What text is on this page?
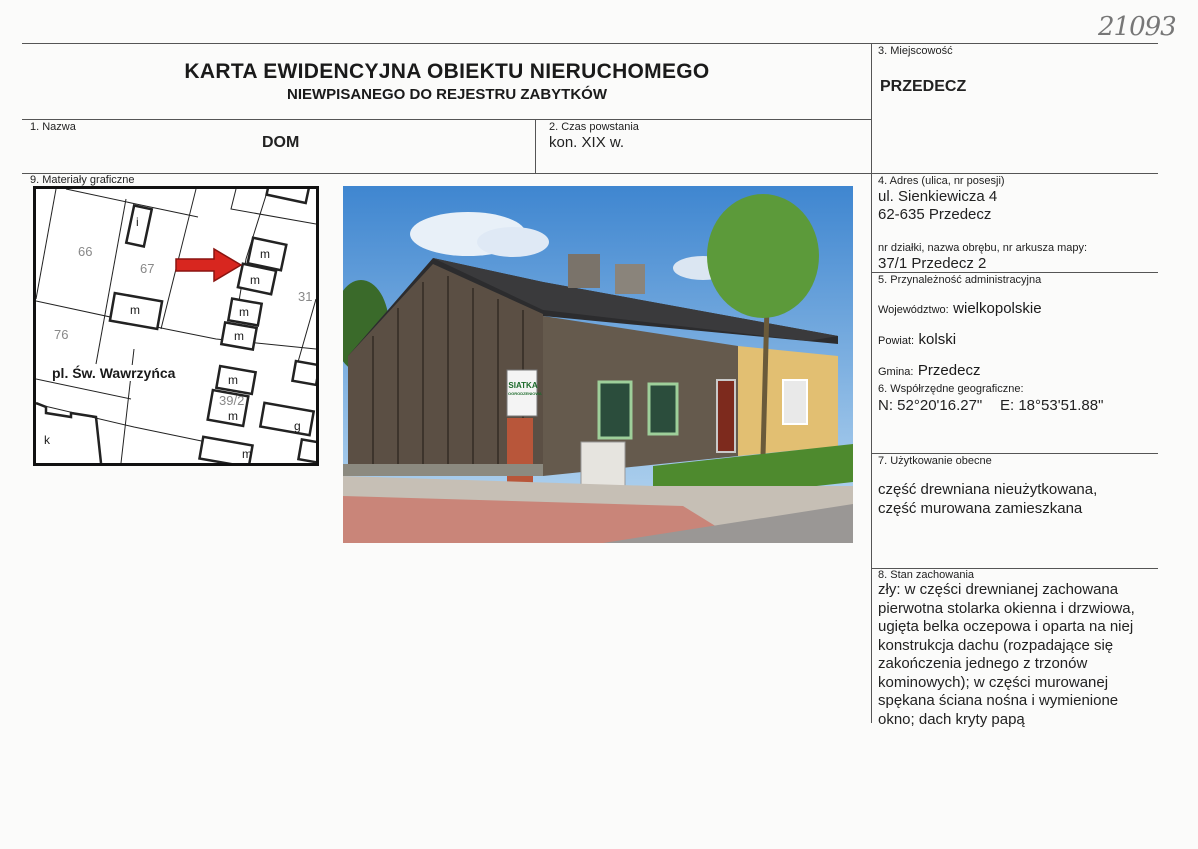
21093
KARTA EWIDENCYJNA OBIEKTU NIERUCHOMEGO
NIEWPISANEGO DO REJESTRU ZABYTKÓW
3. Miejscowość
PRZEDECZ
1. Nazwa
DOM
2. Czas powstania
kon. XIX w.
9. Materiały graficzne	4. Adres (ulica, nr posesji)
ul. Sienkiewicza 4
62-635 Przedecz
nr działki, nazwa obrębu, nr arkusza mapy:
37/1 Przedecz 2
5. Przynależność administracyjna
Województwo: wielkopolskie
Powiat: kolski
Gmina: Przedecz
6. Współrzędne geograficzne:
N: 52°20'16.27" E: 18°53'51.88"
7. Użytkowanie obecne
część drewniana nieużytkowana,
część murowana zamieszkana
8. Stan zachowania
zły: w części drewnianej zachowana
pierwotna stolarka okienna i drzwiowa,
ugięta belka oczepowa i oparta na niej
konstrukcja dachu (rozpadające się
zakończenia jednego z trzonów
kominowych); w części murowanej
spękana ściana nośna i wymienione
okno; dach kryty papą
66
67
76
39/2
31
i
m
m
m	m
m
m
m
g
k
m
pl. Św. Wawrzyńca
SIATKA
OGRODZENIOWA
